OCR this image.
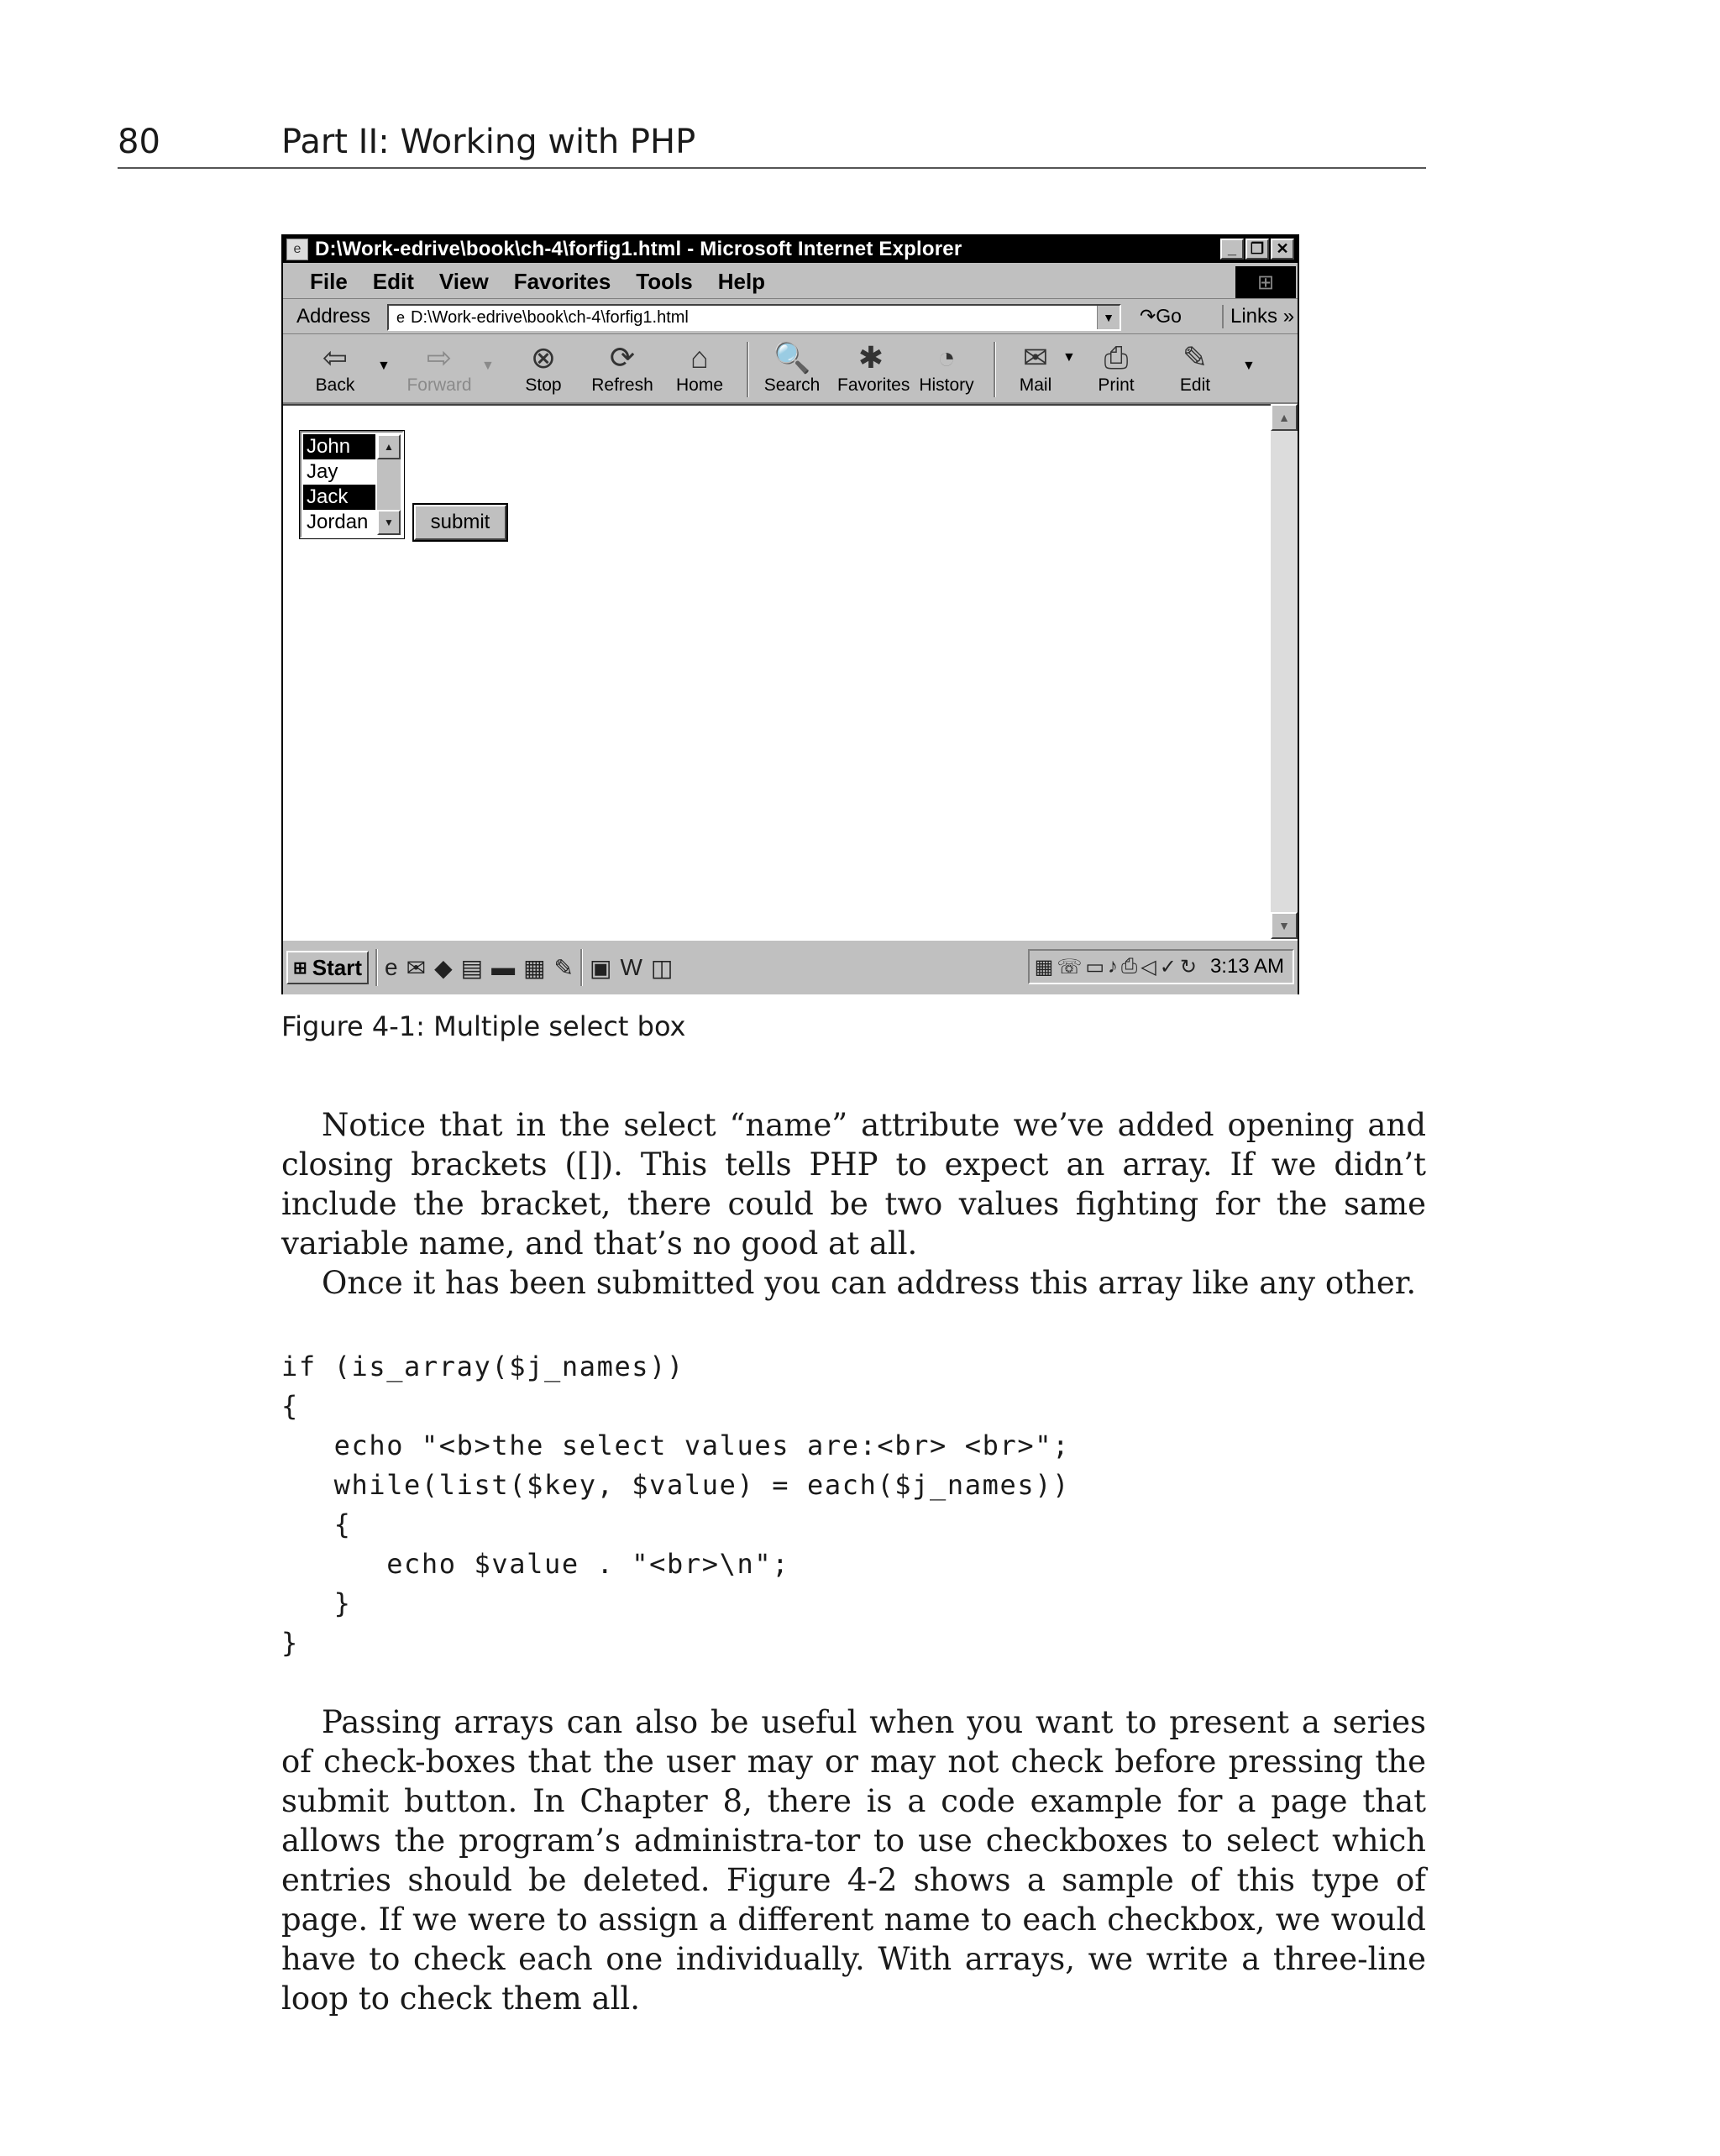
80	Part II: Working with PHP
e D:\Work-edrive\book\ch-4\forfig1.html - Microsoft Internet Explorer	_ ❐ ✕
File Edit View Favorites Tools Help	⊞
Address	e D:\Work-edrive\book\ch-4\forfig1.html	▼ ↷Go	Links »
⇦
Back
▼	⇨
Forward
▼	⊗
Stop
⟳
Refresh
⌂
Home
🔍
Search
✱
Favorites
◔
History
✉
Mail
▼ ⎙
Print
✎
Edit
▼
John
Jay
Jack
Jordan
▲
▼	submit
▲
▼
⊞ Start e ✉ ◆ ▤ ▬ ▦ ✎ ▣ W ◫	▦ ☏ ▭ ♪ ⎙ ◁ ✓ ↻ 3:13 AM
Figure 4-1: Multiple select box

Notice that in the select “name” attribute we’ve added opening and closing brackets ([]). This tells PHP to expect an array. If we didn’t include the bracket, there could be two values fighting for the same variable name, and that’s no good at all.

Once it has been submitted you can address this array like any other.

if (is_array($j_names))
{
echo "<b>the select values are:<br> <br>";
while(list($key, $value) = each($j_names))
{
echo $value . "<br>\n";
}
}

Passing arrays can also be useful when you want to present a series of check-boxes that the user may or may not check before pressing the submit button. In Chapter 8, there is a code example for a page that allows the program’s administra-tor to use checkboxes to select which entries should be deleted. Figure 4-2 shows a sample of this type of page. If we were to assign a different name to each checkbox, we would have to check each one individually. With arrays, we write a three-line loop to check them all.
